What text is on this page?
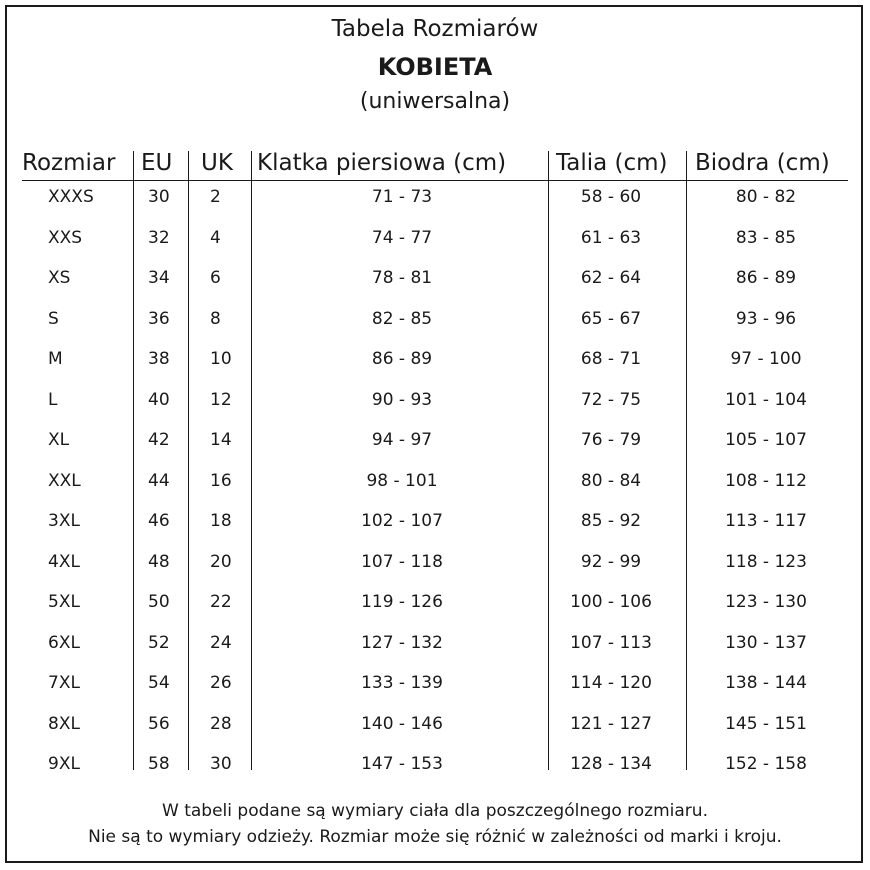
Tabela Rozmiarów
KOBIETA
(uniwersalna)
Rozmiar EU UK Klatka piersiowa (cm) Talia (cm) Biodra (cm)
XXXS	30 2	71 - 73	58 - 60	80 - 82
XXS	32 4	74 - 77	61 - 63	83 - 85
XS	34 6	78 - 81	62 - 64	86 - 89
S	36 8	82 - 85	65 - 67	93 - 96
M	38 10	86 - 89	68 - 71	97 - 100
L	40 12	90 - 93	72 - 75	101 - 104
XL	42 14	94 - 97	76 - 79	105 - 107
XXL	44 16	98 - 101	80 - 84	108 - 112
3XL	46 18	102 - 107	85 - 92	113 - 117
4XL	48 20	107 - 118	92 - 99	118 - 123
5XL	50 22	119 - 126	100 - 106	123 - 130
6XL	52 24	127 - 132	107 - 113	130 - 137
7XL	54 26	133 - 139	114 - 120	138 - 144
8XL	56 28	140 - 146	121 - 127	145 - 151
9XL	58 30	147 - 153	128 - 134	152 - 158
W tabeli podane są wymiary ciała dla poszczególnego rozmiaru.
Nie są to wymiary odzieży. Rozmiar może się różnić w zależności od marki i kroju.
